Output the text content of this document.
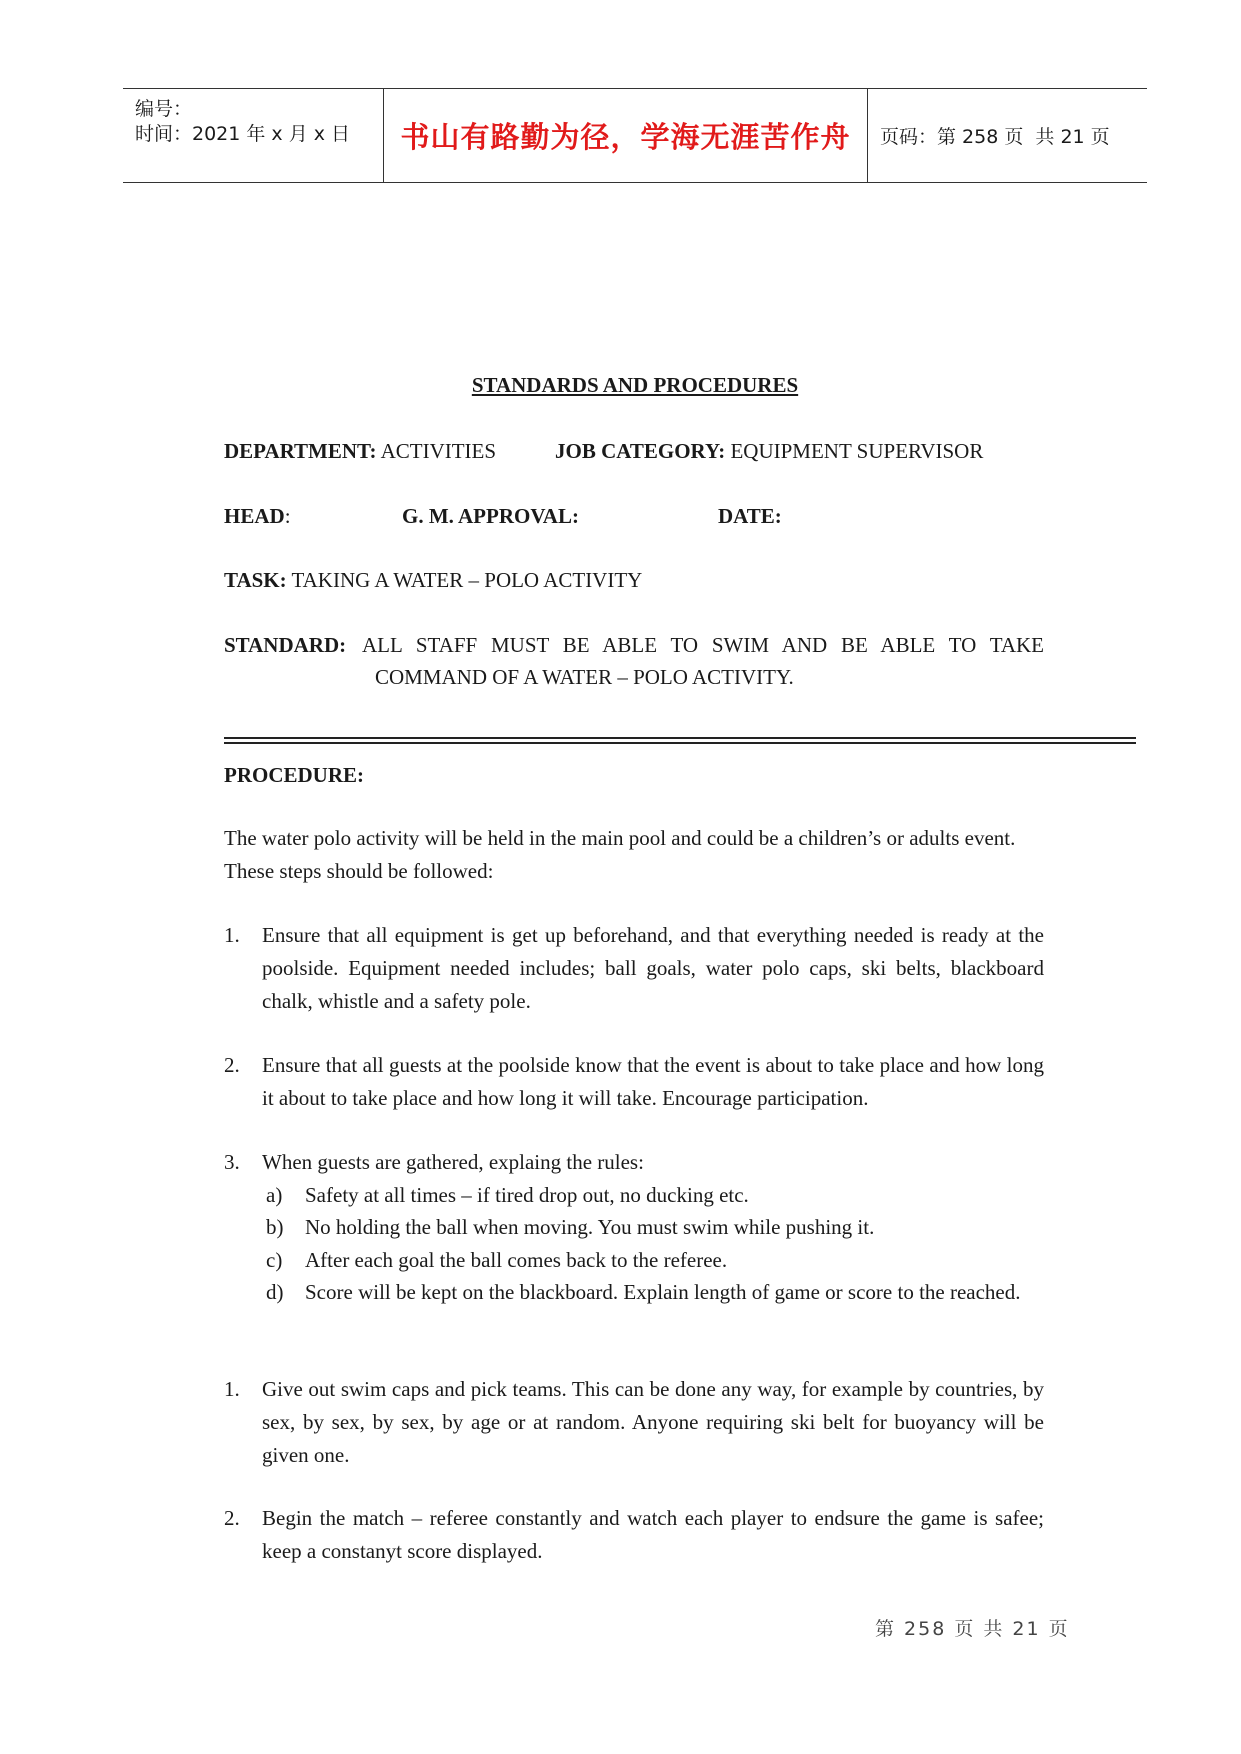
编号：
时间：2021 年 x 月 x 日 书山有路勤为径，学海无涯苦作舟 页码：第 258 页  共 21 页
STANDARDS AND PROCEDURES
DEPARTMENT: ACTIVITIES	JOB CATEGORY: EQUIPMENT SUPERVISOR
HEAD:	G. M. APPROVAL:	DATE:
TASK: TAKING A WATER – POLO ACTIVITY
STANDARD: ALL STAFF MUST BE ABLE TO SWIM AND BE ABLE TO TAKE
COMMAND OF A WATER – POLO ACTIVITY.
PROCEDURE:
The water polo activity will be held in the main pool and could be a children’s or adults event. These steps should be followed:
1. Ensure that all equipment is get up beforehand, and that everything needed is ready at the poolside. Equipment needed includes; ball goals, water polo caps, ski belts, blackboard chalk, whistle and a safety pole.
2. Ensure that all guests at the poolside know that the event is about to take place and how long it about to take place and how long it will take. Encourage participation.
3. When guests are gathered, explaing the rules:
a) Safety at all times – if tired drop out, no ducking etc.
b) No holding the ball when moving. You must swim while pushing it.
c) After each goal the ball comes back to the referee.
d) Score will be kept on the blackboard. Explain length of game or score to the reached.
1. Give out swim caps and pick teams. This can be done any way, for example by countries, by sex, by sex, by sex, by age or at random. Anyone requiring ski belt for buoyancy will be given one.
2. Begin the match – referee constantly and watch each player to endsure the game is safee; keep a constanyt score displayed.
第 258 页 共 21 页
